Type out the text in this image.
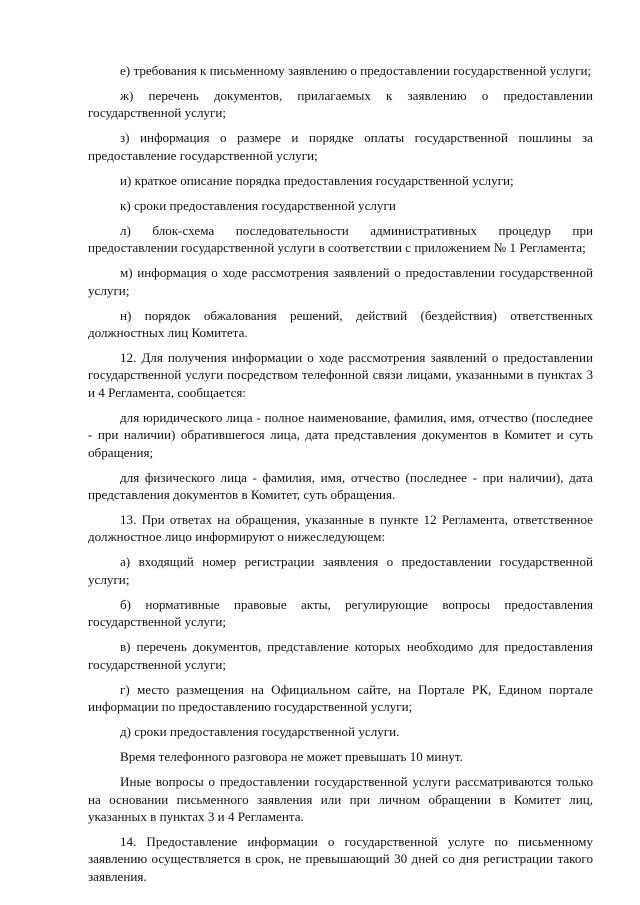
е) требования к письменному заявлению о предоставлении государственной услуги;

ж) перечень документов, прилагаемых к заявлению о предоставлении государственной услуги;

з) информация о размере и порядке оплаты государственной пошлины за предоставление государственной услуги;

и) краткое описание порядка предоставления государственной услуги;

к) сроки предоставления государственной услуги

л) блок-схема последовательности административных процедур при предоставлении государственной услуги в соответствии с приложением № 1 Регламента;

м) информация о ходе рассмотрения заявлений о предоставлении государственной услуги;

н) порядок обжалования решений, действий (бездействия) ответственных должностных лиц Комитета.

12. Для получения информации о ходе рассмотрения заявлений о предоставлении государственной услуги посредством телефонной связи лицами, указанными в пунктах 3 и 4 Регламента, сообщается:

для юридического лица - полное наименование, фамилия, имя, отчество (последнее - при наличии) обратившегося лица, дата представления документов в Комитет и суть обращения;

для физического лица - фамилия, имя, отчество (последнее - при наличии), дата представления документов в Комитет, суть обращения.

13. При ответах на обращения, указанные в пункте 12 Регламента, ответственное должностное лицо информируют о нижеследующем:

а) входящий номер регистрации заявления о предоставлении государственной услуги;

б) нормативные правовые акты, регулирующие вопросы предоставления государственной услуги;

в) перечень документов, представление которых необходимо для предоставления государственной услуги;

г) место размещения на Официальном сайте, на Портале РК, Едином портале информации по предоставлению государственной услуги;

д) сроки предоставления государственной услуги.

Время телефонного разговора не может превышать 10 минут.

Иные вопросы о предоставлении государственной услуги рассматриваются только на основании письменного заявления или при личном обращении в Комитет лиц, указанных в пунктах 3 и 4 Регламента.

14. Предоставление информации о государственной услуге по письменному заявлению осуществляется в срок, не превышающий 30 дней со дня регистрации такого заявления.
